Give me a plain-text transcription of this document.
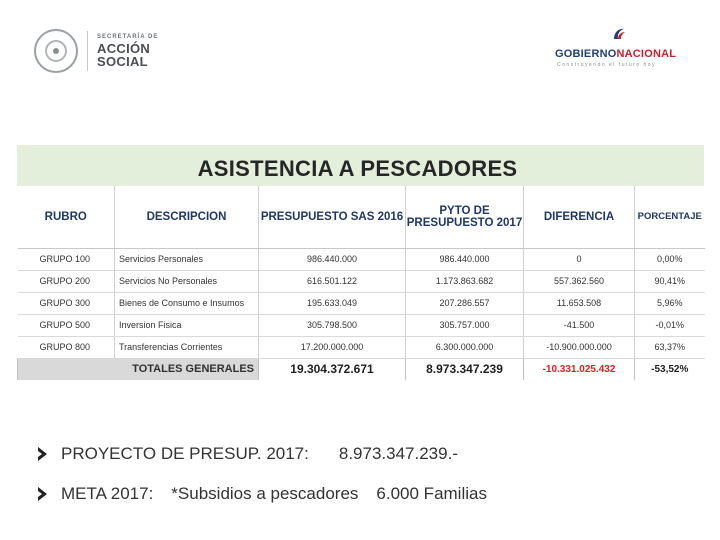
SECRETARÍA DE
ACCIÓN
SOCIAL	GOBIERNONACIONAL
Construyendo el futuro hoy
ASISTENCIA A PESCADORES
RUBRO	DESCRIPCION	PRESUPUESTO SAS 2016	PYTO DE
PRESUPUESTO 2017	DIFERENCIA	PORCENTAJE
GRUPO 100	Servicios Personales	986.440.000	986.440.000	0	0,00%
GRUPO 200	Servicios No Personales	616.501.122	1.173.863.682	557.362.560	90,41%
GRUPO 300	Bienes de Consumo e Insumos	195.633.049	207.286.557	11.653.508	5,96%
GRUPO 500	Inversion Fisica	305.798.500	305.757.000	-41.500	-0,01%
GRUPO 800	Transferencias Corrientes	17.200.000.000	6.300.000.000	-10.900.000.000	63,37%
TOTALES GENERALES		19.304.372.671	8.973.347.239	-10.331.025.432	-53,52%
PROYECTO DE PRESUP. 2017: 8.973.347.239.-
META 2017: *Subsidios a pescadores 6.000 Familias
